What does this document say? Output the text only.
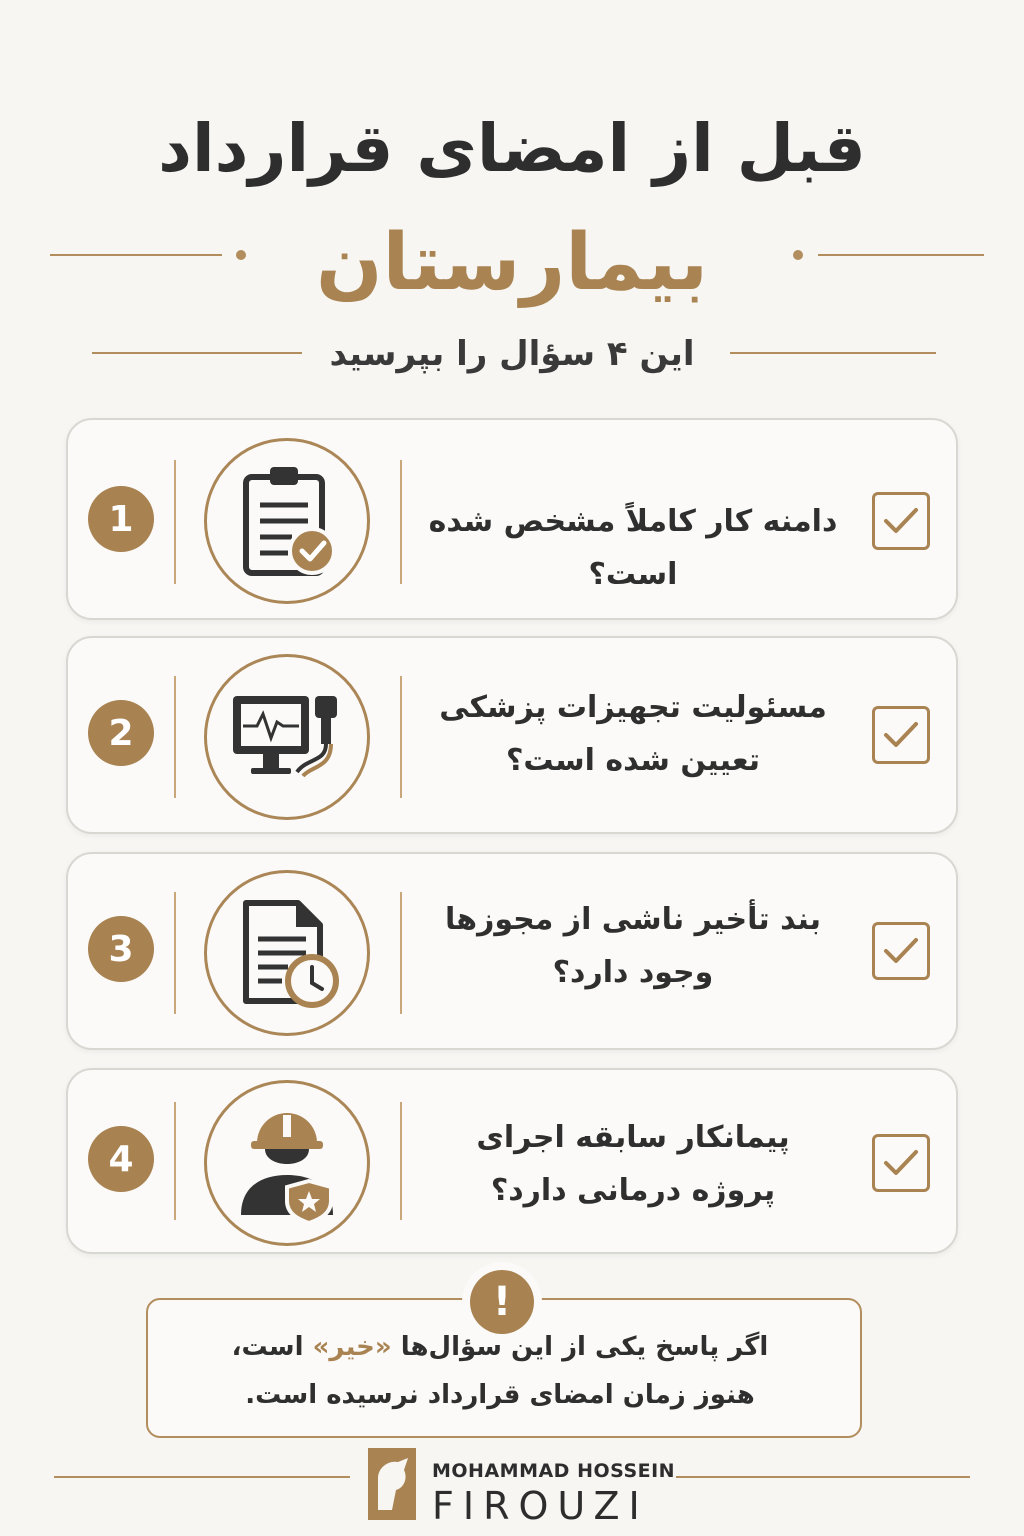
قبل از امضای قرارداد
بیمارستان
این ۴ سؤال را بپرسید
1	دامنه کار کاملاً مشخص شده است؟
2
مسئولیت تجهیزات پزشکی
تعیین شده است؟
3
بند تأخیر ناشی از مجوزها
وجود دارد؟
4
پیمانکار سابقه اجرای
پروژه درمانی دارد؟
!
اگر پاسخ یکی از این سؤال‌ها «خیر» است،
هنوز زمان امضای قرارداد نرسیده است.
MOHAMMAD HOSSEIN
FIROUZI
